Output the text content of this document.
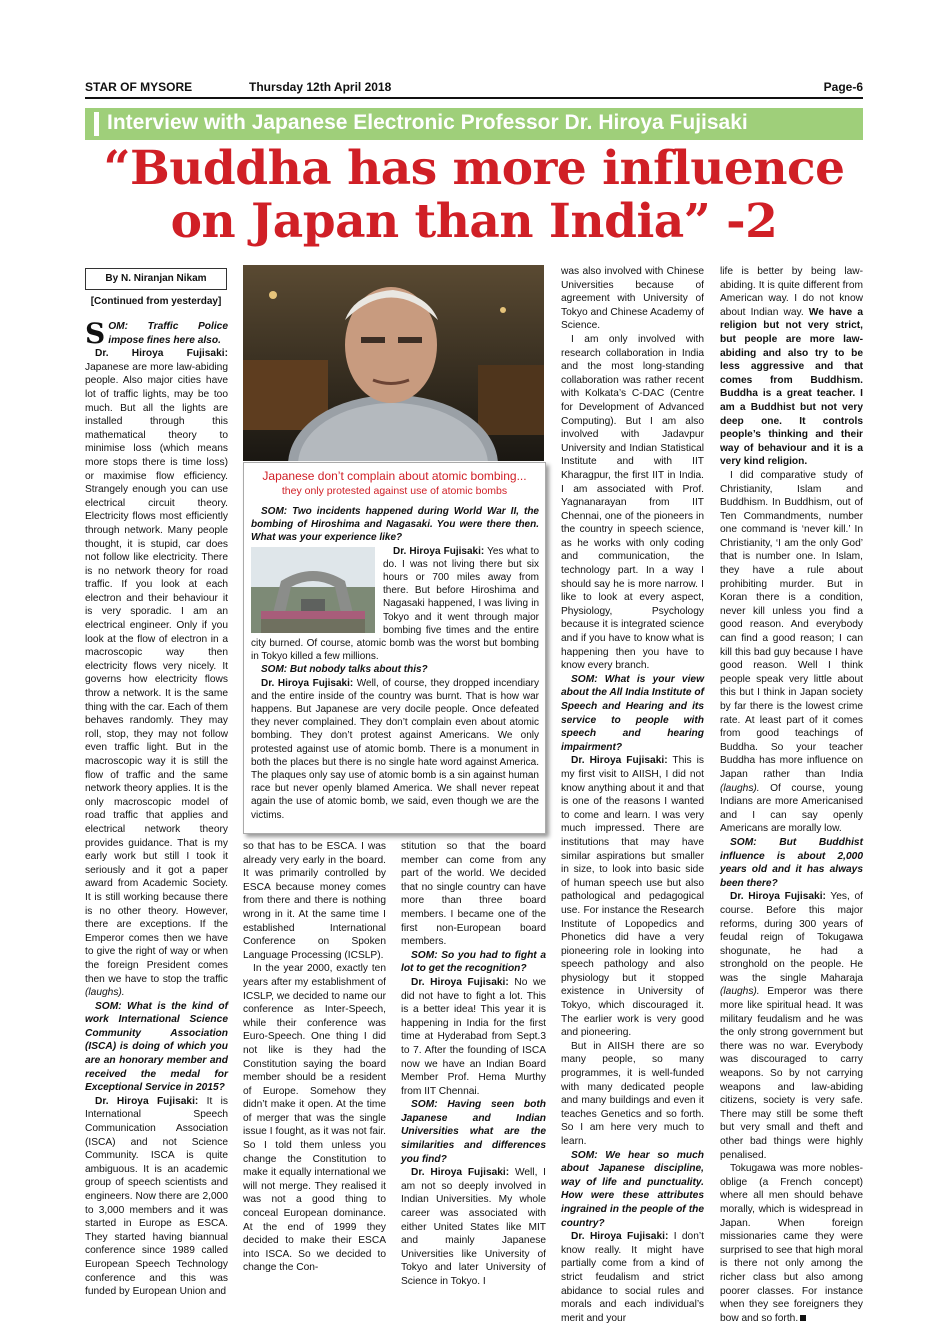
STAR OF MYSORE	Thursday 12th April 2018	Page-6
Interview with Japanese Electronic Professor Dr. Hiroya Fujisaki
“Buddha has more influence
on Japan than India” -2
By N. Niranjan Nikam
[Continued from yesterday]

SOM: Traffic Police impose fines here also.

Dr. Hiroya Fujisaki: Japanese are more law-abiding people. Also major cities have lot of traffic lights, may be too much. But all the lights are installed through this mathematical theory to minimise loss (which means more stops there is time loss) or maximise flow efficiency. Strangely enough you can use electrical circuit theory. Electricity flows most efficiently through network. Many people thought, it is stupid, car does not follow like electricity. There is no network theory for road traffic. If you look at each electron and their behaviour it is very sporadic. I am an electrical engineer. Only if you look at the flow of electron in a macroscopic way then electricity flows very nicely. It governs how electricity flows throw a network. It is the same thing with the car. Each of them behaves randomly. They may roll, stop, they may not follow even traffic light. But in the macroscopic way it is still the flow of traffic and the same network theory applies. It is the only macroscopic model of road traffic that applies and electrical network theory provides guidance. That is my early work but still I took it seriously and it got a paper award from Academic Society. It is still working because there is no other theory. However, there are exceptions. If the Emperor comes then we have to give the right of way or when the foreign President comes then we have to stop the traffic (laughs).

SOM: What is the kind of work International Science Community Association (ISCA) is doing of which you are an honorary member and received the medal for Exceptional Service in 2015?

Dr. Hiroya Fujisaki: It is International Speech Communication Association (ISCA) and not Science Community. ISCA is quite ambiguous. It is an academic group of speech scientists and engineers. Now there are 2,000 to 3,000 members and it was started in Europe as ESCA. They started having biannual conference since 1989 called European Speech Technology conference and this was funded by European Union and

Japanese don’t complain about atomic bombing...
they only protested against use of atomic bombs

SOM: Two incidents happened during World War II, the bombing of Hiroshima and Nagasaki. You were there then. What was your experience like?

Dr. Hiroya Fujisaki: Yes what to do. I was not living there but six hours or 700 miles away from there. But before Hiroshima and Nagasaki happened, I was living in Tokyo and it went through major bombing five times and the entire city burned. Of course, atomic bomb was the worst but bombing in Tokyo killed a few millions.

SOM: But nobody talks about this?

Dr. Hiroya Fujisaki: Well, of course, they dropped incendiary and the entire inside of the country was burnt. That is how war happens. But Japanese are very docile people. Once defeated they never complained. They don’t complain even about atomic bombing. They don’t protest against Americans. We only protested against use of atomic bomb. There is a monument in both the places but there is no single hate word against America. The plaques only say use of atomic bomb is a sin against human race but never openly blamed America. We shall never repeat again the use of atomic bomb, we said, even though we are the victims.

so that has to be ESCA. I was already very early in the board. It was primarily controlled by ESCA because money comes from there and there is nothing wrong in it. At the same time I established International Conference on Spoken Language Processing (ICSLP).

In the year 2000, exactly ten years after my establishment of ICSLP, we decided to name our conference as Inter-Speech, while their conference was Euro-Speech. One thing I did not like is they had the Constitution saying the board member should be a resident of Europe. Somehow they didn’t make it open. At the time of merger that was the single issue I fought, as it was not fair. So I told them unless you change the Constitution to make it equally international we will not merge. They realised it was not a good thing to conceal European dominance. At the end of 1999 they decided to make their ESCA into ISCA. So we decided to change the Con-

stitution so that the board member can come from any part of the world. We decided that no single country can have more than three board members. I became one of the first non-European board members.

SOM: So you had to fight a lot to get the recognition?

Dr. Hiroya Fujisaki: No we did not have to fight a lot. This is a better idea! This year it is happening in India for the first time at Hyderabad from Sept.3 to 7. After the founding of ISCA now we have an Indian Board Member Prof. Hema Murthy from IIT Chennai.

SOM: Having seen both Japanese and Indian Universities what are the similarities and differences you find?

Dr. Hiroya Fujisaki: Well, I am not so deeply involved in Indian Universities. My whole career was associated with either United States like MIT and mainly Japanese Universities like University of Tokyo and later University of Science in Tokyo. I

was also involved with Chinese Universities because of agreement with University of Tokyo and Chinese Academy of Science.

I am only involved with research collaboration in India and the most long-standing collaboration was rather recent with Kolkata’s C-DAC (Centre for Development of Advanced Computing). But I am also involved with Jadavpur University and Indian Statistical Institute and with IIT Kharagpur, the first IIT in India. I am associated with Prof. Yagnanarayan from IIT Chennai, one of the pioneers in the country in speech science, as he works with only coding and communication, the technology part. In a way I should say he is more narrow. I like to look at every aspect, Physiology, Psychology because it is integrated science and if you have to know what is happening then you have to know every branch.

SOM: What is your view about the All India Institute of Speech and Hearing and its service to people with speech and hearing impairment?

Dr. Hiroya Fujisaki: This is my first visit to AIISH, I did not know anything about it and that is one of the reasons I wanted to come and learn. I was very much impressed. There are institutions that may have similar aspirations but smaller in size, to look into basic side of human speech use but also pathological and pedagogical use. For instance the Research Institute of Lopopedics and Phonetics did have a very pioneering role in looking into speech pathology and also physiology but it stopped existence in University of Tokyo, which discouraged it. The earlier work is very good and pioneering.

But in AIISH there are so many people, so many programmes, it is well-funded with many dedicated people and many buildings and even it teaches Genetics and so forth. So I am here very much to learn.

SOM: We hear so much about Japanese discipline, way of life and punctuality. How were these attributes ingrained in the people of the country?

Dr. Hiroya Fujisaki: I don’t know really. It might have partially come from a kind of strict feudalism and strict abidance to social rules and morals and each individual’s merit and your

life is better by being law-abiding. It is quite different from American way. I do not know about Indian way. We have a religion but not very strict, but people are more law-abiding and also try to be less aggressive and that comes from Buddhism. Buddha is a great teacher. I am a Buddhist but not very deep one. It controls people’s thinking and their way of behaviour and it is a very kind religion.

I did comparative study of Christianity, Islam and Buddhism. In Buddhism, out of Ten Commandments, number one command is ‘never kill.’ In Christianity, ‘I am the only God’ that is number one. In Islam, they have a rule about prohibiting murder. But in Koran there is a condition, never kill unless you find a good reason. And everybody can find a good reason; I can kill this bad guy because I have good reason. Well I think people speak very little about this but I think in Japan society by far there is the lowest crime rate. At least part of it comes from good teachings of Buddha. So your teacher Buddha has more influence on Japan rather than India (laughs). Of course, young Indians are more Americanised and I can say openly Americans are morally low.

SOM: But Buddhist influence is about 2,000 years old and it has always been there?

Dr. Hiroya Fujisaki: Yes, of course. Before this major reforms, during 300 years of feudal reign of Tokugawa shogunate, he had a stronghold on the people. He was the single Maharaja (laughs). Emperor was there more like spiritual head. It was military feudalism and he was the only strong government but there was no war. Everybody was discouraged to carry weapons. So by not carrying weapons and law-abiding citizens, society is very safe. There may still be some theft but very small and theft and other bad things were highly penalised.

Tokugawa was more nobles-oblige (a French concept) where all men should behave morally, which is widespread in Japan. When foreign missionaries came they were surprised to see that high moral is there not only among the richer class but also among poorer classes. For instance when they see foreigners they bow and so forth.
